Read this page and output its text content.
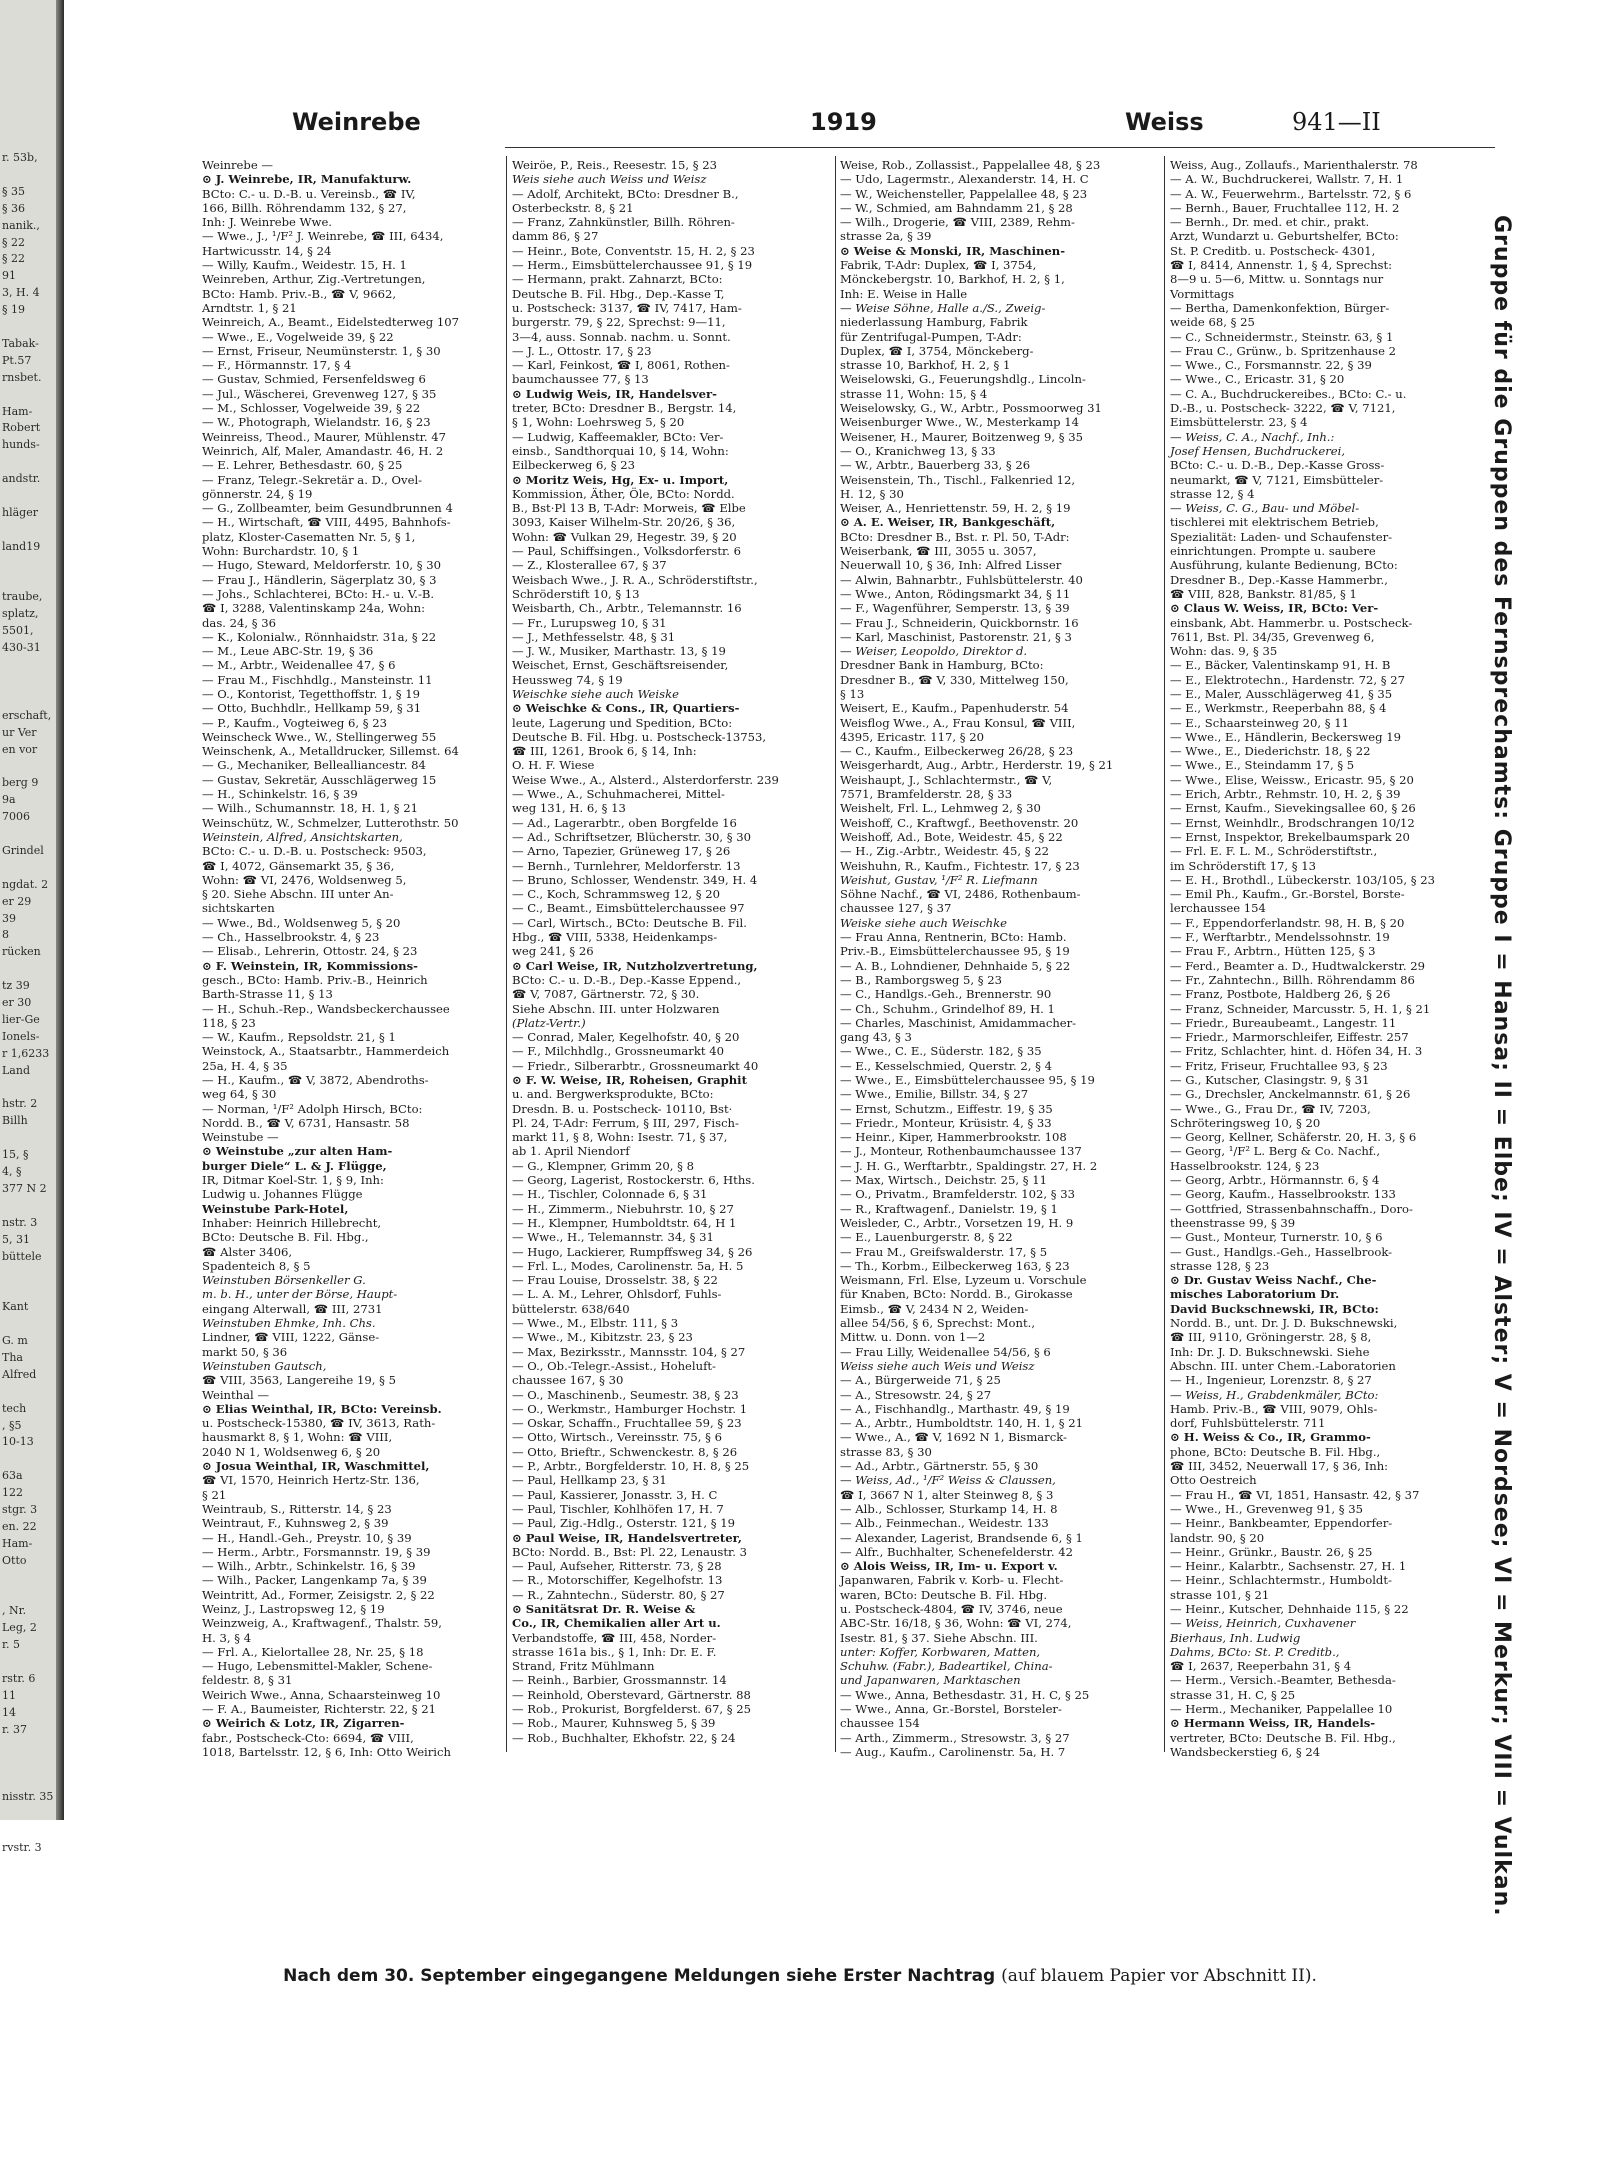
r. 53b,
§ 35
§ 36
nanik.,
§ 22
§ 22
91
3, H. 4
§ 19
Tabak-
Pt.57
rnsbet.
Ham-
Robert
hunds-
andstr.
hläger
land19
traube,
splatz,
5501,
430-31
erschaft,
ur Ver
en vor
berg 9
9a
7006
Grindel
ngdat. 2
er 29
39
8
rücken
tz 39
er 30
lier-Ge
Ionels-
r 1,6233
Land
hstr. 2
Billh
15, §
4, §
377 N 2
nstr. 3
5, 31
büttele
Kant
G. m
Tha
Alfred
tech
, §5
10-13
63a
122
stgr. 3
en. 22
Ham-
Otto
, Nr.
Leg, 2
r. 5
rstr. 6
11
14
r. 37
nisstr. 35
rvstr. 3
Weinrebe	1919	Weiss	941—II
Weinrebe —
⊙ J. Weinrebe, IR, Manufakturw.
BCto: C.- u. D.-B. u. Vereinsb., ☎ IV,
166, Billh. Röhrendamm 132, § 27,
Inh: J. Weinrebe Wwe.
— Wwe., J., ¹/F² J. Weinrebe, ☎ III, 6434,
Hartwicusstr. 14, § 24
— Willy, Kaufm., Weidestr. 15, H. 1
Weinreben, Arthur, Zig.-Vertretungen,
BCto: Hamb. Priv.-B., ☎ V, 9662,
Arndtstr. 1, § 21
Weinreich, A., Beamt., Eidelstedterweg 107
— Wwe., E., Vogelweide 39, § 22
— Ernst, Friseur, Neumünsterstr. 1, § 30
— F., Hörmannstr. 17, § 4
— Gustav, Schmied, Fersenfeldsweg 6
— Jul., Wäscherei, Grevenweg 127, § 35
— M., Schlosser, Vogelweide 39, § 22
— W., Photograph, Wielandstr. 16, § 23
Weinreiss, Theod., Maurer, Mühlenstr. 47
Weinrich, Alf, Maler, Amandastr. 46, H. 2
— E. Lehrer, Bethesdastr. 60, § 25
— Franz, Telegr.-Sekretär a. D., Ovel-
gönnerstr. 24, § 19
— G., Zollbeamter, beim Gesundbrunnen 4
— H., Wirtschaft, ☎ VIII, 4495, Bahnhofs-
platz, Kloster-Casematten Nr. 5, § 1,
Wohn: Burchardstr. 10, § 1
— Hugo, Steward, Meldorferstr. 10, § 30
— Frau J., Händlerin, Sägerplatz 30, § 3
— Johs., Schlachterei, BCto: H.- u. V.-B.
☎ I, 3288, Valentinskamp 24a, Wohn:
das. 24, § 36
— K., Kolonialw., Rönnhaidstr. 31a, § 22
— M., Leue ABC-Str. 19, § 36
— M., Arbtr., Weidenallee 47, § 6
— Frau M., Fischhdlg., Mansteinstr. 11
— O., Kontorist, Tegetthoffstr. 1, § 19
— Otto, Buchhdlr., Hellkamp 59, § 31
— P., Kaufm., Vogteiweg 6, § 23
Weinscheck Wwe., W., Stellingerweg 55
Weinschenk, A., Metalldrucker, Sillemst. 64
— G., Mechaniker, Bellealliancestr. 84
— Gustav, Sekretär, Ausschlägerweg 15
— H., Schinkelstr. 16, § 39
— Wilh., Schumannstr. 18, H. 1, § 21
Weinschütz, W., Schmelzer, Lutterothstr. 50
Weinstein, Alfred, Ansichtskarten,
BCto: C.- u. D.-B. u. Postscheck: 9503,
☎ I, 4072, Gänsemarkt 35, § 36,
Wohn: ☎ VI, 2476, Woldsenweg 5,
§ 20. Siehe Abschn. III unter An-
sichtskarten
— Wwe., Bd., Woldsenweg 5, § 20
— Ch., Hasselbrookstr. 4, § 23
— Elisab., Lehrerin, Ottostr. 24, § 23
⊙ F. Weinstein, IR, Kommissions-
gesch., BCto: Hamb. Priv.-B., Heinrich
Barth-Strasse 11, § 13
— H., Schuh.-Rep., Wandsbeckerchaussee
118, § 23
— W., Kaufm., Repsoldstr. 21, § 1
Weinstock, A., Staatsarbtr., Hammerdeich
25a, H. 4, § 35
— H., Kaufm., ☎ V, 3872, Abendroths-
weg 64, § 30
— Norman, ¹/F² Adolph Hirsch, BCto:
Nordd. B., ☎ V, 6731, Hansastr. 58
Weinstube —
⊙ Weinstube „zur alten Ham-
burger Diele“ L. & J. Flügge,
IR, Ditmar Koel-Str. 1, § 9, Inh:
Ludwig u. Johannes Flügge
Weinstube Park-Hotel,
Inhaber: Heinrich Hillebrecht,
BCto: Deutsche B. Fil. Hbg.,
☎ Alster 3406,
Spadenteich 8, § 5
Weinstuben Börsenkeller G.
m. b. H., unter der Börse, Haupt-
eingang Alterwall, ☎ III, 2731
Weinstuben Ehmke, Inh. Chs.
Lindner, ☎ VIII, 1222, Gänse-
markt 50, § 36
Weinstuben Gautsch,
☎ VIII, 3563, Langereihe 19, § 5
Weinthal —
⊙ Elias Weinthal, IR, BCto: Vereinsb.
u. Postscheck-15380, ☎ IV, 3613, Rath-
hausmarkt 8, § 1, Wohn: ☎ VIII,
2040 N 1, Woldsenweg 6, § 20
⊙ Josua Weinthal, IR, Waschmittel,
☎ VI, 1570, Heinrich Hertz-Str. 136,
§ 21
Weintraub, S., Ritterstr. 14, § 23
Weintraut, F., Kuhnsweg 2, § 39
— H., Handl.-Geh., Preystr. 10, § 39
— Herm., Arbtr., Forsmannstr. 19, § 39
— Wilh., Arbtr., Schinkelstr. 16, § 39
— Wilh., Packer, Langenkamp 7a, § 39
Weintritt, Ad., Former, Zeisigstr. 2, § 22
Weinz, J., Lastropsweg 12, § 19
Weinzweig, A., Kraftwagenf., Thalstr. 59,
H. 3, § 4
— Frl. A., Kielortallee 28, Nr. 25, § 18
— Hugo, Lebensmittel-Makler, Schene-
feldestr. 8, § 31
Weirich Wwe., Anna, Schaarsteinweg 10
— F. A., Baumeister, Richterstr. 22, § 21
⊙ Weirich & Lotz, IR, Zigarren-
fabr., Postscheck-Cto: 6694, ☎ VIII,
1018, Bartelsstr. 12, § 6, Inh: Otto Weirich
Weiröe, P., Reis., Reesestr. 15, § 23
Weis siehe auch Weiss und Weisz
— Adolf, Architekt, BCto: Dresdner B.,
Osterbeckstr. 8, § 21
— Franz, Zahnkünstler, Billh. Röhren-
damm 86, § 27
— Heinr., Bote, Conventstr. 15, H. 2, § 23
— Herm., Eimsbüttelerchaussee 91, § 19
— Hermann, prakt. Zahnarzt, BCto:
Deutsche B. Fil. Hbg., Dep.-Kasse T,
u. Postscheck: 3137, ☎ IV, 7417, Ham-
burgerstr. 79, § 22, Sprechst: 9—11,
3—4, auss. Sonnab. nachm. u. Sonnt.
— J. L., Ottostr. 17, § 23
— Karl, Feinkost, ☎ I, 8061, Rothen-
baumchaussee 77, § 13
⊙ Ludwig Weis, IR, Handelsver-
treter, BCto: Dresdner B., Bergstr. 14,
§ 1, Wohn: Loehrsweg 5, § 20
— Ludwig, Kaffeemakler, BCto: Ver-
einsb., Sandthorquai 10, § 14, Wohn:
Eilbeckerweg 6, § 23
⊙ Moritz Weis, Hg, Ex- u. Import,
Kommission, Äther, Öle, BCto: Nordd.
B., Bst·Pl 13 B, T-Adr: Morweis, ☎ Elbe
3093, Kaiser Wilhelm-Str. 20/26, § 36,
Wohn: ☎ Vulkan 29, Hegestr. 39, § 20
— Paul, Schiffsingen., Volksdorferstr. 6
— Z., Klosterallee 67, § 37
Weisbach Wwe., J. R. A., Schröderstiftstr.,
Schröderstift 10, § 13
Weisbarth, Ch., Arbtr., Telemannstr. 16
— Fr., Lurupsweg 10, § 31
— J., Methfesselstr. 48, § 31
— J. W., Musiker, Marthastr. 13, § 19
Weischet, Ernst, Geschäftsreisender,
Heussweg 74, § 19
Weischke siehe auch Weiske
⊙ Weischke & Cons., IR, Quartiers-
leute, Lagerung und Spedition, BCto:
Deutsche B. Fil. Hbg. u. Postscheck-13753,
☎ III, 1261, Brook 6, § 14, Inh:
O. H. F. Wiese
Weise Wwe., A., Alsterd., Alsterdorferstr. 239
— Wwe., A., Schuhmacherei, Mittel-
weg 131, H. 6, § 13
— Ad., Lagerarbtr., oben Borgfelde 16
— Ad., Schriftsetzer, Blücherstr. 30, § 30
— Arno, Tapezier, Grüneweg 17, § 26
— Bernh., Turnlehrer, Meldorferstr. 13
— Bruno, Schlosser, Wendenstr. 349, H. 4
— C., Koch, Schrammsweg 12, § 20
— C., Beamt., Eimsbüttelerchaussee 97
— Carl, Wirtsch., BCto: Deutsche B. Fil.
Hbg., ☎ VIII, 5338, Heidenkamps-
weg 241, § 26
⊙ Carl Weise, IR, Nutzholzvertretung,
BCto: C.- u. D.-B., Dep.-Kasse Eppend.,
☎ V, 7087, Gärtnerstr. 72, § 30.
Siehe Abschn. III. unter Holzwaren
(Platz-Vertr.)
— Conrad, Maler, Kegelhofstr. 40, § 20
— F., Milchhdlg., Grossneumarkt 40
— Friedr., Silberarbtr., Grossneumarkt 40
⊙ F. W. Weise, IR, Roheisen, Graphit
u. and. Bergwerksprodukte, BCto:
Dresdn. B. u. Postscheck- 10110, Bst·
Pl. 24, T-Adr: Ferrum, § III, 297, Fisch-
markt 11, § 8, Wohn: Isestr. 71, § 37,
ab 1. April Niendorf
— G., Klempner, Grimm 20, § 8
— Georg, Lagerist, Rostockerstr. 6, Hths.
— H., Tischler, Colonnade 6, § 31
— H., Zimmerm., Niebuhrstr. 10, § 27
— H., Klempner, Humboldtstr. 64, H 1
— Wwe., H., Telemannstr. 34, § 31
— Hugo, Lackierer, Rumpffsweg 34, § 26
— Frl. L., Modes, Carolinenstr. 5a, H. 5
— Frau Louise, Drosselstr. 38, § 22
— L. A. M., Lehrer, Ohlsdorf, Fuhls-
büttelerstr. 638/640
— Wwe., M., Elbstr. 111, § 3
— Wwe., M., Kibitzstr. 23, § 23
— Max, Bezirksstr., Mannsstr. 104, § 27
— O., Ob.-Telegr.-Assist., Hoheluft-
chaussee 167, § 30
— O., Maschinenb., Seumestr. 38, § 23
— O., Werkmstr., Hamburger Hochstr. 1
— Oskar, Schaffn., Fruchtallee 59, § 23
— Otto, Wirtsch., Vereinsstr. 75, § 6
— Otto, Brieftr., Schwenckestr. 8, § 26
— P., Arbtr., Borgfelderstr. 10, H. 8, § 25
— Paul, Hellkamp 23, § 31
— Paul, Kassierer, Jonasstr. 3, H. C
— Paul, Tischler, Kohlhöfen 17, H. 7
— Paul, Zig.-Hdlg., Osterstr. 121, § 19
⊙ Paul Weise, IR, Handelsvertreter,
BCto: Nordd. B., Bst: Pl. 22, Lenaustr. 3
— Paul, Aufseher, Ritterstr. 73, § 28
— R., Motorschiffer, Kegelhofstr. 13
— R., Zahntechn., Süderstr. 80, § 27
⊙ Sanitätsrat Dr. R. Weise &
Co., IR, Chemikalien aller Art u.
Verbandstoffe, ☎ III, 458, Norder-
strasse 161a bis., § 1, Inh: Dr. E. F.
Strand, Fritz Mühlmann
— Reinh., Barbier, Grossmannstr. 14
— Reinhold, Oberstevard, Gärtnerstr. 88
— Rob., Prokurist, Borgfelderst. 67, § 25
— Rob., Maurer, Kuhnsweg 5, § 39
— Rob., Buchhalter, Ekhofstr. 22, § 24
Weise, Rob., Zollassist., Pappelallee 48, § 23
— Udo, Lagermstr., Alexanderstr. 14, H. C
— W., Weichensteller, Pappelallee 48, § 23
— W., Schmied, am Bahndamm 21, § 28
— Wilh., Drogerie, ☎ VIII, 2389, Rehm-
strasse 2a, § 39
⊙ Weise & Monski, IR, Maschinen-
Fabrik, T-Adr: Duplex, ☎ I, 3754,
Mönckebergstr. 10, Barkhof, H. 2, § 1,
Inh: E. Weise in Halle
— Weise Söhne, Halle a./S., Zweig-
niederlassung Hamburg, Fabrik
für Zentrifugal-Pumpen, T-Adr:
Duplex, ☎ I, 3754, Mönckeberg-
strasse 10, Barkhof, H. 2, § 1
Weiselowski, G., Feuerungshdlg., Lincoln-
strasse 11, Wohn: 15, § 4
Weiselowsky, G., W., Arbtr., Possmoorweg 31
Weisenburger Wwe., W., Mesterkamp 14
Weisener, H., Maurer, Boitzenweg 9, § 35
— O., Kranichweg 13, § 33
— W., Arbtr., Bauerberg 33, § 26
Weisenstein, Th., Tischl., Falkenried 12,
H. 12, § 30
Weiser, A., Henriettenstr. 59, H. 2, § 19
⊙ A. E. Weiser, IR, Bankgeschäft,
BCto: Dresdner B., Bst. r. Pl. 50, T-Adr:
Weiserbank, ☎ III, 3055 u. 3057,
Neuerwall 10, § 36, Inh: Alfred Lisser
— Alwin, Bahnarbtr., Fuhlsbüttelerstr. 40
— Wwe., Anton, Rödingsmarkt 34, § 11
— F., Wagenführer, Semperstr. 13, § 39
— Frau J., Schneiderin, Quickbornstr. 16
— Karl, Maschinist, Pastorenstr. 21, § 3
— Weiser, Leopoldo, Direktor d.
Dresdner Bank in Hamburg, BCto:
Dresdner B., ☎ V, 330, Mittelweg 150,
§ 13
Weisert, E., Kaufm., Papenhuderstr. 54
Weisflog Wwe., A., Frau Konsul, ☎ VIII,
4395, Ericastr. 117, § 20
— C., Kaufm., Eilbeckerweg 26/28, § 23
Weisgerhardt, Aug., Arbtr., Herderstr. 19, § 21
Weishaupt, J., Schlachtermstr., ☎ V,
7571, Bramfelderstr. 28, § 33
Weishelt, Frl. L., Lehmweg 2, § 30
Weishoff, C., Kraftwgf., Beethovenstr. 20
Weishoff, Ad., Bote, Weidestr. 45, § 22
— H., Zig.-Arbtr., Weidestr. 45, § 22
Weishuhn, R., Kaufm., Fichtestr. 17, § 23
Weishut, Gustav, ¹/F² R. Liefmann
Söhne Nachf., ☎ VI, 2486, Rothenbaum-
chaussee 127, § 37
Weiske siehe auch Weischke
— Frau Anna, Rentnerin, BCto: Hamb.
Priv.-B., Eimsbüttelerchaussee 95, § 19
— A. B., Lohndiener, Dehnhaide 5, § 22
— B., Ramborgsweg 5, § 23
— C., Handlgs.-Geh., Brennerstr. 90
— Ch., Schuhm., Grindelhof 89, H. 1
— Charles, Maschinist, Amidammacher-
gang 43, § 3
— Wwe., C. E., Süderstr. 182, § 35
— E., Kesselschmied, Querstr. 2, § 4
— Wwe., E., Eimsbüttelerchaussee 95, § 19
— Wwe., Emilie, Billstr. 34, § 27
— Ernst, Schutzm., Eiffestr. 19, § 35
— Friedr., Monteur, Krüsistr. 4, § 33
— Heinr., Kiper, Hammerbrookstr. 108
— J., Monteur, Rothenbaumchaussee 137
— J. H. G., Werftarbtr., Spaldingstr. 27, H. 2
— Max, Wirtsch., Deichstr. 25, § 11
— O., Privatm., Bramfelderstr. 102, § 33
— R., Kraftwagenf., Danielstr. 19, § 1
Weisleder, C., Arbtr., Vorsetzen 19, H. 9
— E., Lauenburgerstr. 8, § 22
— Frau M., Greifswalderstr. 17, § 5
— Th., Korbm., Eilbeckerweg 163, § 23
Weismann, Frl. Else, Lyzeum u. Vorschule
für Knaben, BCto: Nordd. B., Girokasse
Eimsb., ☎ V, 2434 N 2, Weiden-
allee 54/56, § 6, Sprechst: Mont.,
Mittw. u. Donn. von 1—2
— Frau Lilly, Weidenallee 54/56, § 6
Weiss siehe auch Weis und Weisz
— A., Bürgerweide 71, § 25
— A., Stresowstr. 24, § 27
— A., Fischhandlg., Marthastr. 49, § 19
— A., Arbtr., Humboldtstr. 140, H. 1, § 21
— Wwe., A., ☎ V, 1692 N 1, Bismarck-
strasse 83, § 30
— Ad., Arbtr., Gärtnerstr. 55, § 30
— Weiss, Ad., ¹/F² Weiss & Claussen,
☎ I, 3667 N 1, alter Steinweg 8, § 3
— Alb., Schlosser, Sturkamp 14, H. 8
— Alb., Feinmechan., Weidestr. 133
— Alexander, Lagerist, Brandsende 6, § 1
— Alfr., Buchhalter, Schenefelderstr. 42
⊙ Alois Weiss, IR, Im- u. Export v.
Japanwaren, Fabrik v. Korb- u. Flecht-
waren, BCto: Deutsche B. Fil. Hbg.
u. Postscheck-4804, ☎ IV, 3746, neue
ABC-Str. 16/18, § 36, Wohn: ☎ VI, 274,
Isestr. 81, § 37. Siehe Abschn. III.
unter: Koffer, Korbwaren, Matten,
Schuhw. (Fabr.), Badeartikel, China-
und Japanwaren, Marktaschen
— Wwe., Anna, Bethesdastr. 31, H. C, § 25
— Wwe., Anna, Gr.-Borstel, Borsteler-
chaussee 154
— Arth., Zimmerm., Stresowstr. 3, § 27
— Aug., Kaufm., Carolinenstr. 5a, H. 7
Weiss, Aug., Zollaufs., Marienthalerstr. 78
— A. W., Buchdruckerei, Wallstr. 7, H. 1
— A. W., Feuerwehrm., Bartelsstr. 72, § 6
— Bernh., Bauer, Fruchtallee 112, H. 2
— Bernh., Dr. med. et chir., prakt.
Arzt, Wundarzt u. Geburtshelfer, BCto:
St. P. Creditb. u. Postscheck- 4301,
☎ I, 8414, Annenstr. 1, § 4, Sprechst:
8—9 u. 5—6, Mittw. u. Sonntags nur
Vormittags
— Bertha, Damenkonfektion, Bürger-
weide 68, § 25
— C., Schneidermstr., Steinstr. 63, § 1
— Frau C., Grünw., b. Spritzenhause 2
— Wwe., C., Forsmannstr. 22, § 39
— Wwe., C., Ericastr. 31, § 20
— C. A., Buchdruckereibes., BCto: C.- u.
D.-B., u. Postscheck- 3222, ☎ V, 7121,
Eimsbüttelerstr. 23, § 4
— Weiss, C. A., Nachf., Inh.:
Josef Hensen, Buchdruckerei,
BCto: C.- u. D.-B., Dep.-Kasse Gross-
neumarkt, ☎ V, 7121, Eimsbütteler-
strasse 12, § 4
— Weiss, C. G., Bau- und Möbel-
tischlerei mit elektrischem Betrieb,
Spezialität: Laden- und Schaufenster-
einrichtungen. Prompte u. saubere
Ausführung, kulante Bedienung, BCto:
Dresdner B., Dep.-Kasse Hammerbr.,
☎ VIII, 828, Bankstr. 81/85, § 1
⊙ Claus W. Weiss, IR, BCto: Ver-
einsbank, Abt. Hammerbr. u. Postscheck-
7611, Bst. Pl. 34/35, Grevenweg 6,
Wohn: das. 9, § 35
— E., Bäcker, Valentinskamp 91, H. B
— E., Elektrotechn., Hardenstr. 72, § 27
— E., Maler, Ausschlägerweg 41, § 35
— E., Werkmstr., Reeperbahn 88, § 4
— E., Schaarsteinweg 20, § 11
— Wwe., E., Händlerin, Beckersweg 19
— Wwe., E., Diederichstr. 18, § 22
— Wwe., E., Steindamm 17, § 5
— Wwe., Elise, Weissw., Ericastr. 95, § 20
— Erich, Arbtr., Rehmstr. 10, H. 2, § 39
— Ernst, Kaufm., Sievekingsallee 60, § 26
— Ernst, Weinhdlr., Brodschrangen 10/12
— Ernst, Inspektor, Brekelbaumspark 20
— Frl. E. F. L. M., Schröderstiftstr.,
im Schröderstift 17, § 13
— E. H., Brothdl., Lübeckerstr. 103/105, § 23
— Emil Ph., Kaufm., Gr.-Borstel, Borste-
lerchaussee 154
— F., Eppendorferlandstr. 98, H. B, § 20
— F., Werftarbtr., Mendelssohnstr. 19
— Frau F., Arbtrn., Hütten 125, § 3
— Ferd., Beamter a. D., Hudtwalckerstr. 29
— Fr., Zahntechn., Billh. Röhrendamm 86
— Franz, Postbote, Haldberg 26, § 26
— Franz, Schneider, Marcusstr. 5, H. 1, § 21
— Friedr., Bureaubeamt., Langestr. 11
— Friedr., Marmorschleifer, Eiffestr. 257
— Fritz, Schlachter, hint. d. Höfen 34, H. 3
— Fritz, Friseur, Fruchtallee 93, § 23
— G., Kutscher, Clasingstr. 9, § 31
— G., Drechsler, Anckelmannstr. 61, § 26
— Wwe., G., Frau Dr., ☎ IV, 7203,
Schröteringsweg 10, § 20
— Georg, Kellner, Schäferstr. 20, H. 3, § 6
— Georg, ¹/F² L. Berg & Co. Nachf.,
Hasselbrookstr. 124, § 23
— Georg, Arbtr., Hörmannstr. 6, § 4
— Georg, Kaufm., Hasselbrookstr. 133
— Gottfried, Strassenbahnschaffn., Doro-
theenstrasse 99, § 39
— Gust., Monteur, Turnerstr. 10, § 6
— Gust., Handlgs.-Geh., Hasselbrook-
strasse 128, § 23
⊙ Dr. Gustav Weiss Nachf., Che-
misches Laboratorium Dr.
David Buckschnewski, IR, BCto:
Nordd. B., unt. Dr. J. D. Bukschnewski,
☎ III, 9110, Gröningerstr. 28, § 8,
Inh: Dr. J. D. Bukschnewski. Siehe
Abschn. III. unter Chem.-Laboratorien
— H., Ingenieur, Lorenzstr. 8, § 27
— Weiss, H., Grabdenkmäler, BCto:
Hamb. Priv.-B., ☎ VIII, 9079, Ohls-
dorf, Fuhlsbüttelerstr. 711
⊙ H. Weiss & Co., IR, Grammo-
phone, BCto: Deutsche B. Fil. Hbg.,
☎ III, 3452, Neuerwall 17, § 36, Inh:
Otto Oestreich
— Frau H., ☎ VI, 1851, Hansastr. 42, § 37
— Wwe., H., Grevenweg 91, § 35
— Heinr., Bankbeamter, Eppendorfer-
landstr. 90, § 20
— Heinr., Grünkr., Baustr. 26, § 25
— Heinr., Kalarbtr., Sachsenstr. 27, H. 1
— Heinr., Schlachtermstr., Humboldt-
strasse 101, § 21
— Heinr., Kutscher, Dehnhaide 115, § 22
— Weiss, Heinrich, Cuxhavener
Bierhaus, Inh. Ludwig
Dahms, BCto: St. P. Creditb.,
☎ I, 2637, Reeperbahn 31, § 4
— Herm., Versich.-Beamter, Bethesda-
strasse 31, H. C, § 25
— Herm., Mechaniker, Pappelallee 10
⊙ Hermann Weiss, IR, Handels-
vertreter, BCto: Deutsche B. Fil. Hbg.,
Wandsbeckerstieg 6, § 24	Gruppe für die Gruppen des Fernsprechamts: Gruppe I = Hansa; II = Elbe; IV = Alster; V = Nordsee; VI = Merkur; VIII = Vulkan.
Nach dem 30. September eingegangene Meldungen siehe Erster Nachtrag (auf blauem Papier vor Abschnitt II).
